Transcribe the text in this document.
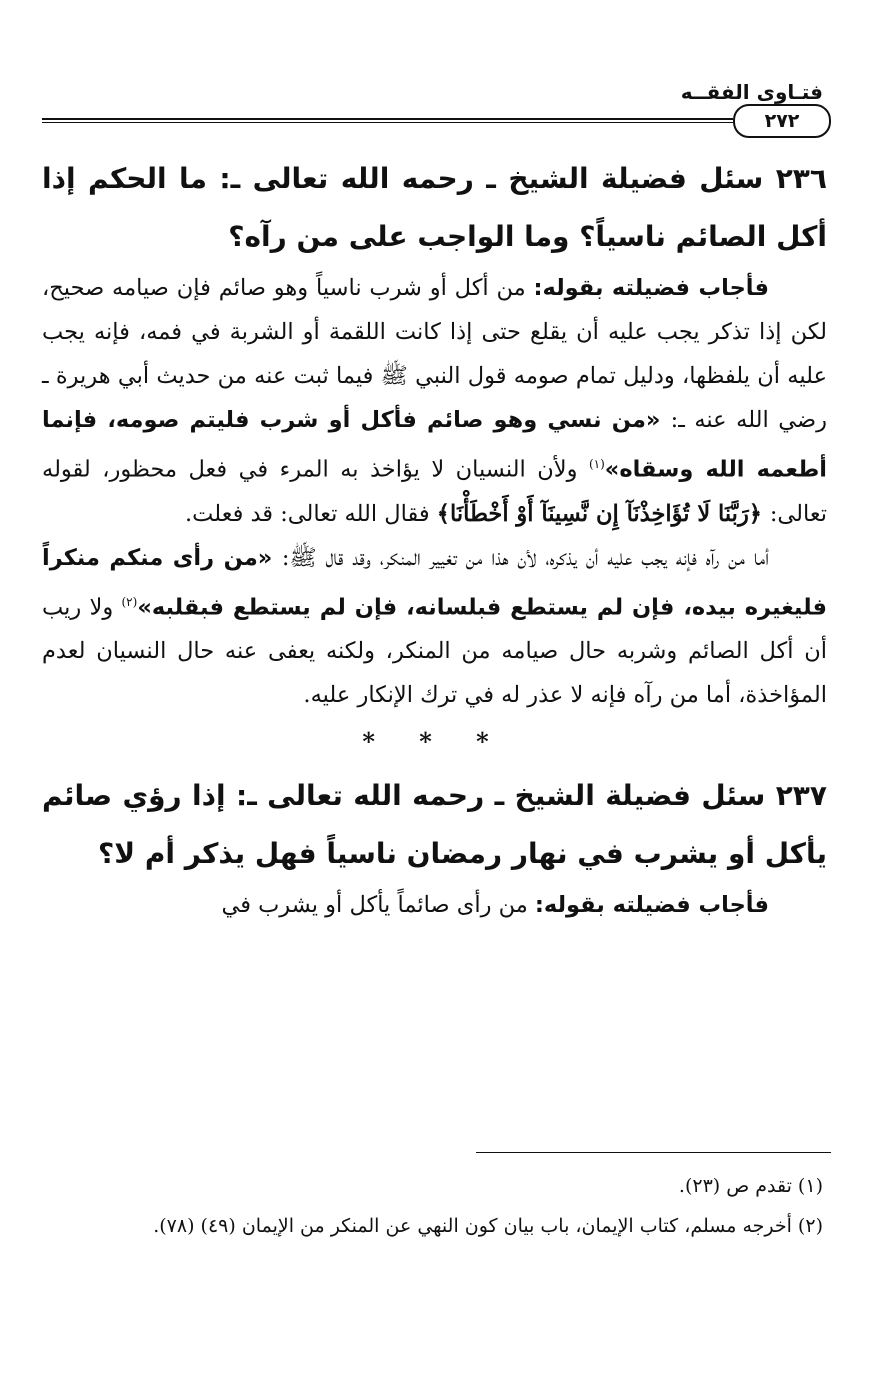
فتـاوى الفقــه
٢٧٢

٢٣٦ سئل فضيلة الشيخ ـ رحمه الله تعالى ـ: ما الحكم إذا أكل الصائم ناسياً؟ وما الواجب على من رآه؟

فأجاب فضيلته بقوله: من أكل أو شرب ناسياً وهو صائم فإن صيامه صحيح، لكن إذا تذكر يجب عليه أن يقلع حتى إذا كانت اللقمة أو الشربة في فمه، فإنه يجب عليه أن يلفظها، ودليل تمام صومه قول النبي ﷺ فيما ثبت عنه من حديث أبي هريرة ـ رضي الله عنه ـ: «من نسي وهو صائم فأكل أو شرب فليتم صومه، فإنما أطعمه الله وسقاه»$^{(١)}$ ولأن النسيان لا يؤاخذ به المرء في فعل محظور، لقوله تعالى: ﴿رَبَّنَا لَا تُؤَاخِذْنَآ إِن نَّسِينَآ أَوْ أَخْطَأْنَا﴾ فقال الله تعالى: قد فعلت.

أما من رآه فإنه يجب عليه أن يذكره، لأن هذا من تغيير المنكر، وقد قال ﷺ: «من رأى منكم منكراً فليغيره بيده، فإن لم يستطع فبلسانه، فإن لم يستطع فبقلبه»$^{(٢)}$ ولا ريب أن أكل الصائم وشربه حال صيامه من المنكر، ولكنه يعفى عنه حال النسيان لعدم المؤاخذة، أما من رآه فإنه لا عذر له في ترك الإنكار عليه.

* * *

٢٣٧ سئل فضيلة الشيخ ـ رحمه الله تعالى ـ: إذا رؤي صائم يأكل أو يشرب في نهار رمضان ناسياً فهل يذكر أم لا؟

فأجاب فضيلته بقوله: من رأى صائماً يأكل أو يشرب في

(١) تقدم ص (٢٣).

(٢) أخرجه مسلم، كتاب الإيمان، باب بيان كون النهي عن المنكر من الإيمان (٤٩) (٧٨).
